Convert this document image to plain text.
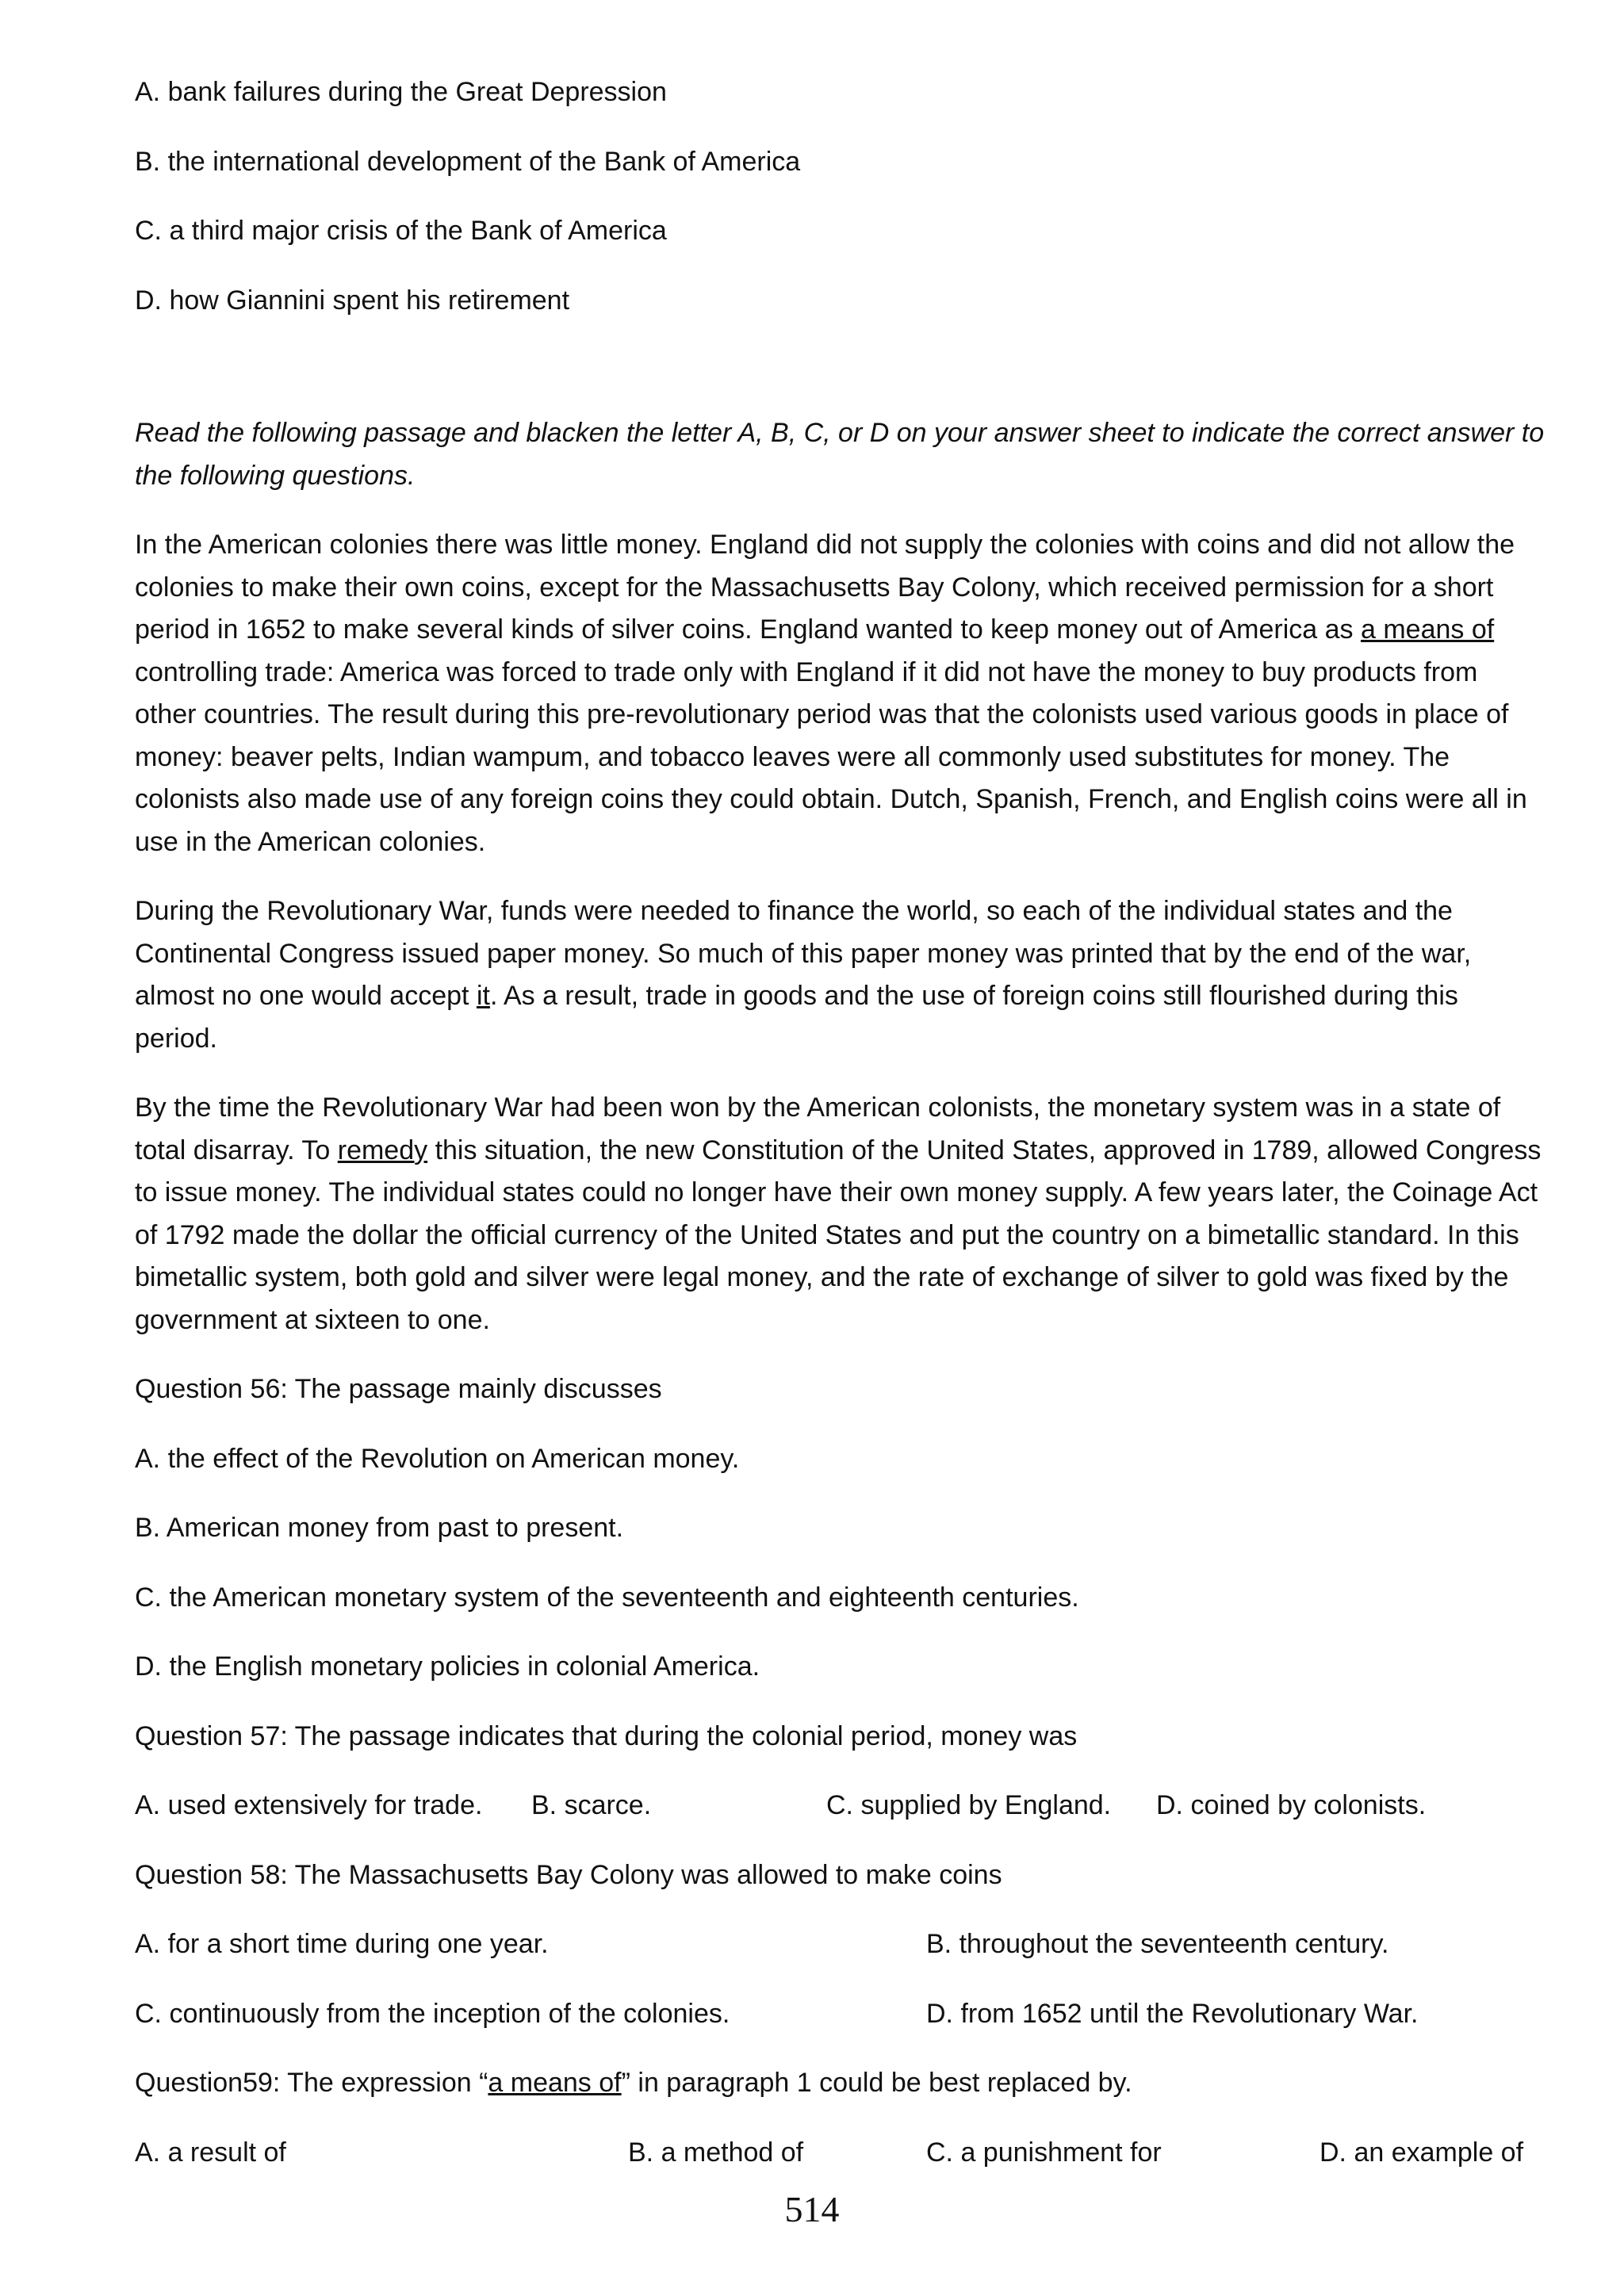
A. bank failures during the Great Depression
B. the international development of the Bank of America
C. a third major crisis of the Bank of America
D. how Giannini spent his retirement
Read the following passage and blacken the letter A, B, C, or D on your answer sheet to indicate the correct answer to the following questions.
In the American colonies there was little money. England did not supply the colonies with coins and did not allow the colonies to make their own coins, except for the Massachusetts Bay Colony, which received permission for a short period in 1652 to make several kinds of silver coins. England wanted to keep money out of America as a means of controlling trade: America was forced to trade only with England if it did not have the money to buy products from other countries. The result during this pre-revolutionary period was that the colonists used various goods in place of money: beaver pelts, Indian wampum, and tobacco leaves were all commonly used substitutes for money. The colonists also made use of any foreign coins they could obtain. Dutch, Spanish, French, and English coins were all in use in the American colonies.
During the Revolutionary War, funds were needed to finance the world, so each of the individual states and the Continental Congress issued paper money. So much of this paper money was printed that by the end of the war, almost no one would accept it. As a result, trade in goods and the use of foreign coins still flourished during this period.
By the time the Revolutionary War had been won by the American colonists, the monetary system was in a state of total disarray. To remedy this situation, the new Constitution of the United States, approved in 1789, allowed Congress to issue money. The individual states could no longer have their own money supply. A few years later, the Coinage Act of 1792 made the dollar the official currency of the United States and put the country on a bimetallic standard. In this bimetallic system, both gold and silver were legal money, and the rate of exchange of silver to gold was fixed by the government at sixteen to one.
Question 56: The passage mainly discusses
A. the effect of the Revolution on American money.
B. American money from past to present.
C. the American monetary system of the seventeenth and eighteenth centuries.
D. the English monetary policies in colonial America.
Question 57: The passage indicates that during the colonial period, money was
A. used extensively for trade. B. scarce.	C. supplied by England. D. coined by colonists.
Question 58: The Massachusetts Bay Colony was allowed to make coins
A. for a short time during one year.	B. throughout the seventeenth century.
C. continuously from the inception of the colonies.	D. from 1652 until the Revolutionary War.
Question59: The expression “a means of” in paragraph 1 could be best replaced by.
A. a result of	B. a method of	C. a punishment for	D. an example of
514
